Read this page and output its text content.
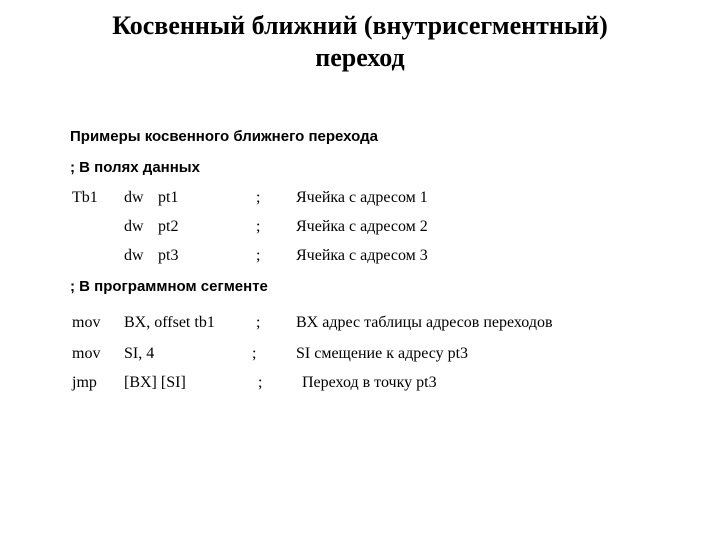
Косвенный ближний (внутрисегментный)
переход
Примеры косвенного ближнего перехода
; В полях данных
Tb1 dw pt1	; Ячейка с адресом 1
dw pt2	; Ячейка с адресом 2
dw pt3	; Ячейка с адресом 3
; В программном сегменте
mov BX, offset tb1	; BX адрес таблицы адресов переходов
mov SI, 4	; SI смещение к адресу pt3
jmp [BX] [SI]	; Переход в точку pt3
